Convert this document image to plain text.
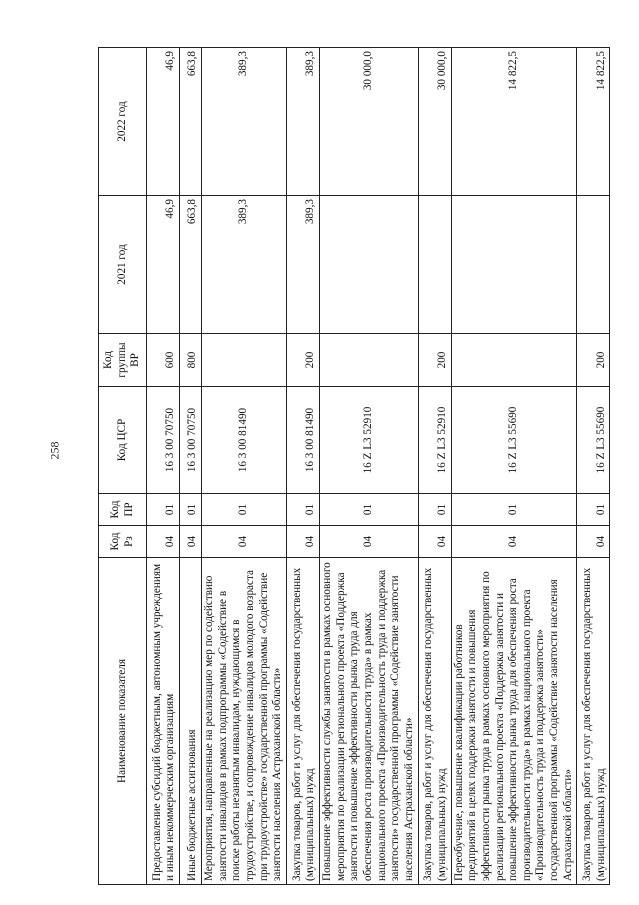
258
Наименование показателя	Код Рз	Код ПР	Код ЦСР	Код группы ВР	2021 год	2022 год
Предоставление субсидий бюджетным, автономным учреждениям и иным некоммерческим организациям	04	01	16 3 00 70750	600	46,9	46,9
Иные бюджетные ассигнования	04	01	16 3 00 70750	800	663,8	663,8
Мероприятия, направленные на реализацию мер по содействию занятости инвалидов в рамках подпрограммы «Содействие в поиске работы незанятым инвалидам, нуждающимся в трудоустройстве, и сопровождение инвалидов молодого возраста при трудоустройстве» государственной программы «Содействие занятости населения Астраханской области»	04	01	16 3 00 81490		389,3	389,3
Закупка товаров, работ и услуг для обеспечения государственных (муниципальных) нужд	04	01	16 3 00 81490	200	389,3	389,3
Повышение эффективности службы занятости в рамках основного мероприятия по реализации регионального проекта «Поддержка занятости и повышение эффективности рынка труда для обеспечения роста производительности труда» в рамках национального проекта «Производительность труда и поддержка занятости» государственной программы «Содействие занятости населения Астраханской области»	04	01	16 Z L3 52910			30 000,0
Закупка товаров, работ и услуг для обеспечения государственных (муниципальных) нужд	04	01	16 Z L3 52910	200		30 000,0
Переобучение, повышение квалификации работников предприятий в целях поддержки занятости и повышения эффективности рынка труда в рамках основного мероприятия по реализации регионального проекта «Поддержка занятости и повышение эффективности рынка труда для обеспечения роста производительности труда» в рамках национального проекта «Производительность труда и поддержка занятости» государственной программы «Содействие занятости населения Астраханской области»	04	01	16 Z L3 55690			14 822,5
Закупка товаров, работ и услуг для обеспечения государственных (муниципальных) нужд	04	01	16 Z L3 55690	200		14 822,5
